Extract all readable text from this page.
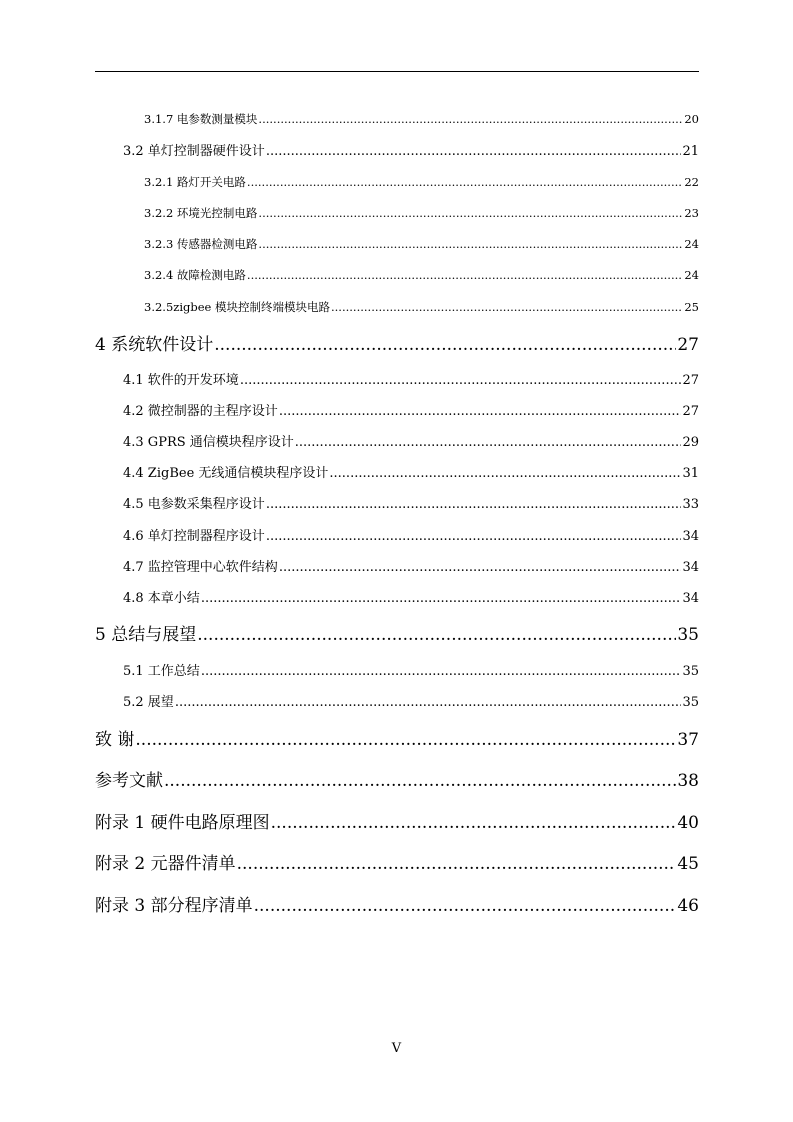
3.1.7 电参数测量模块 .....	20
3.2 单灯控制器硬件设计 .....	21
3.2.1 路灯开关电路 .....	22
3.2.2 环境光控制电路 .....	23
3.2.3 传感器检测电路 .....	24
3.2.4 故障检测电路 .....	24
3.2.5zigbee 模块控制终端模块电路 .....	25
4 系统软件设计 .....	27
4.1 软件的开发环境 .....	27
4.2 微控制器的主程序设计 .....	27
4.3 GPRS 通信模块程序设计 .....	29
4.4 ZigBee 无线通信模块程序设计 .....	31
4.5 电参数采集程序设计 .....	33
4.6 单灯控制器程序设计 .....	34
4.7 监控管理中心软件结构 .....	34
4.8 本章小结 .....	34
5 总结与展望 .....	35
5.1 工作总结 .....	35
5.2 展望 .....	35
致 谢 .....	37
参考文献 .....	38
附录 1 硬件电路原理图 .....	40
附录 2 元器件清单 .....	45
附录 3 部分程序清单 .....	46
V
